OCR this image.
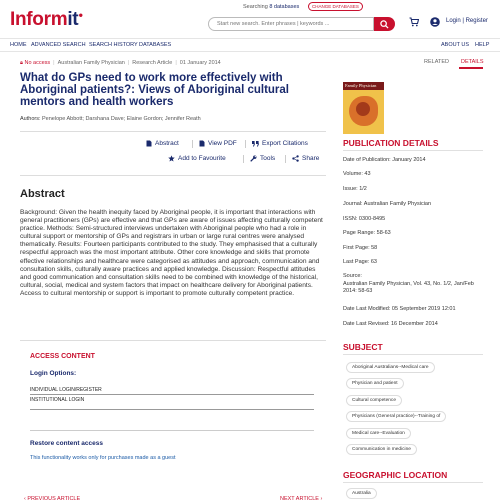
Informit●
Searching 8 databases	CHANGE DATABASES
Start new search. Enter phrases | keywords ...
Login | Register
HOME ADVANCED SEARCH SEARCH HISTORY DATABASES	ABOUT US HELP
🔒︎ No access | Australian Family Physician | Research Article | 01 January 2014	RELATED DETAILS
What do GPs need to work more effectively with Aboriginal patients?: Views of Aboriginal cultural mentors and health workers
Authors: Penelope Abbott; Darshana Dave; Elaine Gordon; Jennifer Reath
Abstract	View PDF	Export Citations
Add to Favourite	Tools	Share
Abstract
Background: Given the health inequity faced by Aboriginal people, it is important that interactions with general practitioners (GPs) are effective and that GPs are aware of issues affecting culturally competent practice. Methods: Semi-structured interviews undertaken with Aboriginal people who had a role in cultural support or mentorship of GPs and registrars in urban or large rural centres were analysed thematically. Results: Fourteen participants contributed to the study. They emphasised that a culturally respectful approach was the most important attribute. Other core knowledge and skills that promote effective relationships and healthcare were categorised as attitudes and approach, communication and consultation skills, culturally aware practices and applied knowledge. Discussion: Respectful attitudes and good communication and consultation skills need to be combined with knowledge of the historical, cultural, social, medical and system factors that impact on healthcare delivery for Aboriginal patients. Access to cultural mentorship or support is important to promote culturally competent practice.
ACCESS CONTENT
Login Options:
INDIVIDUAL LOGIN/REGISTER
INSTITUTIONAL LOGIN
Restore content access
This functionality works only for purchases made as a guest
‹ PREVIOUS ARTICLE	NEXT ARTICLE ›
Family Physician
PUBLICATION DETAILS
Date of Publication: January 2014
Volume: 43
Issue: 1/2
Journal: Australian Family Physician
ISSN: 0300-8495
Page Range: 58-63
First Page: 58
Last Page: 63
Source:
Australian Family Physician, Vol. 43, No. 1/2, Jan/Feb 2014: 58-63
Date Last Modified: 05 September 2019 12:01
Date Last Revised: 16 December 2014
SUBJECT
Aboriginal Australians--Medical care
Physician and patient
Cultural competence
Physicians (General practice)--Training of
Medical care--Evaluation
Communication in medicine
GEOGRAPHIC LOCATION
Australia
